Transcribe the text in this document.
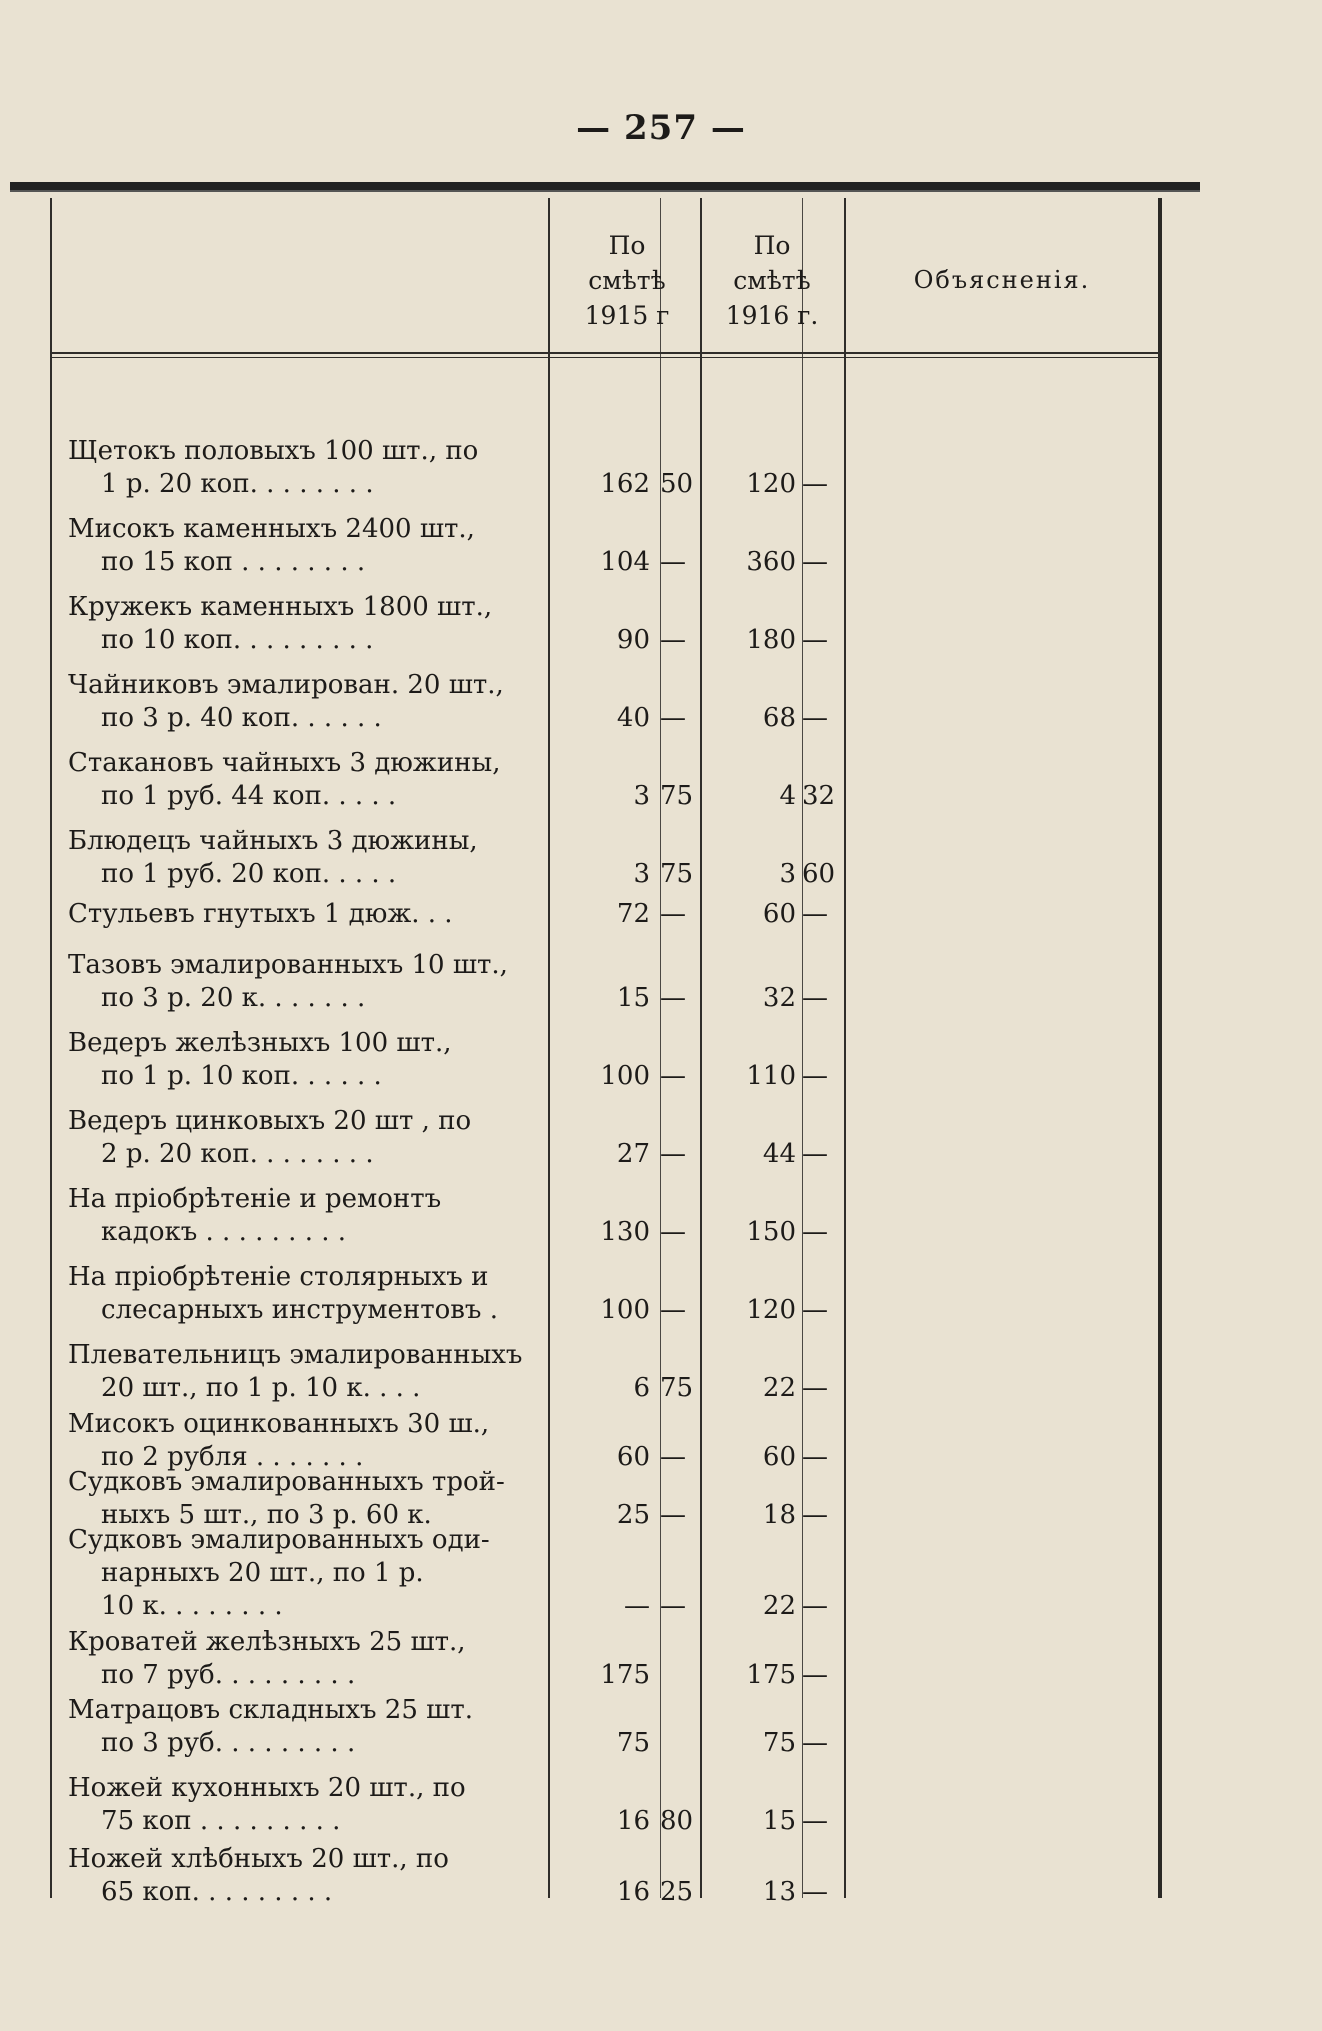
— 257 —
По
смѣтѣ
1915 г
По
смѣтѣ
1916 г.
Объясненія.
Щетокъ половыхъ 100 шт., по
1 р. 20 коп. . . . . . . .	162 50	120 —
Мисокъ каменныхъ 2400 шт.,
по 15 коп . . . . . . . .	104 —	360 —
Кружекъ каменныхъ 1800 шт.,
по 10 коп. . . . . . . . .	90 —	180 —
Чайниковъ эмалирован. 20 шт.,
по 3 р. 40 коп. . . . . .	40 —	68 —
Стакановъ чайныхъ 3 дюжины,
по 1 руб. 44 коп. . . . .	3 75	4 32
Блюдецъ чайныхъ 3 дюжины,
по 1 руб. 20 коп. . . . .	3 75	3 60
Стульевъ гнутыхъ 1 дюж. . .	72 —	60 —
Тазовъ эмалированныхъ 10 шт.,
по 3 р. 20 к. . . . . . .	15 —	32 —
Ведеръ желѣзныхъ 100 шт.,
по 1 р. 10 коп. . . . . .	100 —	110 —
Ведеръ цинковыхъ 20 шт , по
2 р. 20 коп. . . . . . . .	27 —	44 —
На пріобрѣтеніе и ремонтъ
кадокъ . . . . . . . . .	130 —	150 —
На пріобрѣтеніе столярныхъ и
слесарныхъ инструментовъ .	100 —	120 —
Плевательницъ эмалированныхъ
20 шт., по 1 р. 10 к. . . .	6 75	22 —
Мисокъ оцинкованныхъ 30 ш.,
по 2 рубля . . . . . . .	60 —	60 —
Судковъ эмалированныхъ трой-
ныхъ 5 шт., по 3 р. 60 к.	25 —	18 —
Судковъ эмалированныхъ оди-
нарныхъ 20 шт., по 1 р.
10 к. . . . . . . .	— —	22 —
Кроватей желѣзныхъ 25 шт.,
по 7 руб. . . . . . . . .	175	175 —
Матрацовъ складныхъ 25 шт.
по 3 руб. . . . . . . . .	75	75 —
Ножей кухонныхъ 20 шт., по
75 коп . . . . . . . . .	16 80	15 —
Ножей хлѣбныхъ 20 шт., по
65 коп. . . . . . . . .	16 25	13 —
